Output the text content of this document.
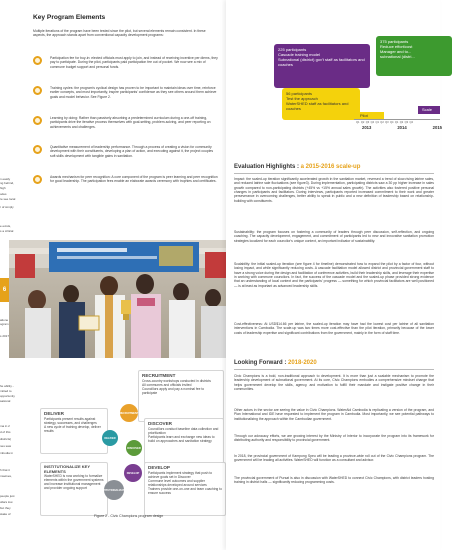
n easily
ng behind,
high
odes
re see local
r of simply
e exists,
s a critical
6
atlone
ogram
s 2017
he ability -
mitted to
opportunity
sational
ma in 2
d of this
districts)
nes saw
mbodia in
h that it
mselves,
people just
ollars low
but they
stake of
Key Program Elements
Multiple iterations of the program have been tested since the pilot, but several elements remain consistent. In these aspects, the approach stands apart from conventional capacity development programs:
Participation fee for buy-in: elected officials must apply to join, and instead of receiving incentive per diems, they pay to participate. During the pilot, participants paid participation fee out of pocket. We now see a mix of commune budget support and personal funds.
Training cycles: the program's cyclical design has proven to be important to maintain ideas over time, reinforce earlier concepts, and most importantly, inspire participants' confidence as they see others around them achieve goals and model behavior. See Figure 2.
Learning by doing: Rather than passively absorbing a predetermined curriculum during a one-off training, participants drive the iterative process themselves with goal-setting, problem-solving, and peer reporting on achievements and challenges.
Quantitative measurement of leadership performance. Through a process of creating a vision for community development with their constituents, developing a plan of action, and executing against it, the project couples soft skills development with tangible gains in sanitation.
Awards mechanism for peer recognition: A core component of the program is peer learning and peer recognition for good leadership. The participation fees enable an elaborate awards ceremony with trophies and certificates.
RECRUITMENT
Cross-country workshops conducted in districts
All communes and officials invited
Councillors apply and pay a nominal fee to participate
DELIVER
Participants present results against strategy, successes, and challenges
A new cycle of training develop, deliver results
DISCOVER
Councillors conduct baseline data collection and prioritization
Participants learn and exchange new ideas to build on approaches and sanitation strategy
INSTITUTIONALIZE KEY ELEMENTS
WaterSHED is now working to formalize elements within the government systems and increase institutional management and provider ongoing support
DEVELOP
Participants implement strategy that push to achieve goals set in Discover
Commune level outcomes and supplier relationships developed around services
Trainers provide one-on-one and team coaching to ensure success
RECRUITMENT
DELIVER
DISCOVER
DEVELOP
INSTITUTIONALIZATION
Figure 2 - Civic Champions program design
225 participants
Cascade training model
Subnational (district) gov't staff as facilitators and coaches
375 participants
Reduce effort/cost
Manager and to...
subnational (distri...
56 participants
Test the approach
WaterSHED staff as facilitators and coaches
Pilot
Scale
Q1 Q2 Q3 Q4 Q1 Q2 Q3 Q4 Q1 Q2 Q3 Q4
2013	2014	2015
Evaluation Highlights : a 2015-2016 scale-up
Impact: the scaled-up iteration significantly accelerated growth in the sanitation market, reversed a trend of slow-rising latrine sales, and reduced latrine sale fluctuations (see figure3). During implementation, participating districts saw a 30 pp higher increase in sales growth compared to non-participating districts (+45% vs +15% annual sales growth). The activities also fostered positive personal changes in participants and facilitators. During interviews, participants reported increased commitment to their work and greater perseverance in overcoming challenges, better ability to speak in public and a new definition of leadership based on relationship-building with constituents.
Sustainability: the program focuses on fostering a community of leaders through peer discussion, self-reflection, and ongoing coaching. The capacity development, engagement, and commitment of participants led to new and innovative sanitation promotion strategies localized for each councilor's unique context, an important indicator of sustainability.
Scalability: the initial scaled-up iteration (see figure 4 for timeline) demonstrated how to expand the pilot by a factor of four, without losing impact, and while significantly reducing costs. A cascade facilitation model allowed district and provincial government staff to have a strong voice during the design and facilitation of conference activities, build their leadership skills, and leverage their expertise in working with commune councilors. In fact, the success of the cascade model and the scaled-up phase provided strong evidence that an understanding of local context and the participants' progress — something for which provincial facilitators are well positioned — is at least as important as advanced leadership skills.
Cost-effectiveness: At USD$14.66 per latrine, the scaled-up iteration may have had the lowest cost per latrine of all sanitation interventions in Cambodia. The scale-up was two times more cost-effective than the pilot iteration, primarily because of the lower costs of leadership expertise and significant contributions from the government, mainly in the form of staff time.
Looking Forward : 2018-2020
Civic Champions is a bold, non-traditional approach to development. It is more than just a scalable mechanism to promote the leadership development of subnational government. At its core, Civic Champions embodies a comprehensive mindset change that helps government develop the skills, agency, and motivation to fulfill their mandate and instigate positive change in their communities.
Other actors in the sector are seeing the value in Civic Champions. WaterAid Cambodia is replicating a version of the program, and Plan International and IDE have requested to implement the program in Cambodia. Most importantly, we see potential pathways to institutionalizing the approach within the Cambodian government.
Through our advocacy efforts, we are growing interest by the Ministry of Interior to incorporate the program into its framework for distributing authority and responsibility to provincial government.
In 2018, the provincial government of Kampong Speu will be leading a province-wide roll out of the Civic Champions program. The government will be leading all activities. WaterSHED will function as a consultant and advisor.
The provincial government of Pursat is also in discussion with WaterSHED to connect Civic Champions, with district leaders hosting training in district halls — significantly reducing programming costs.
